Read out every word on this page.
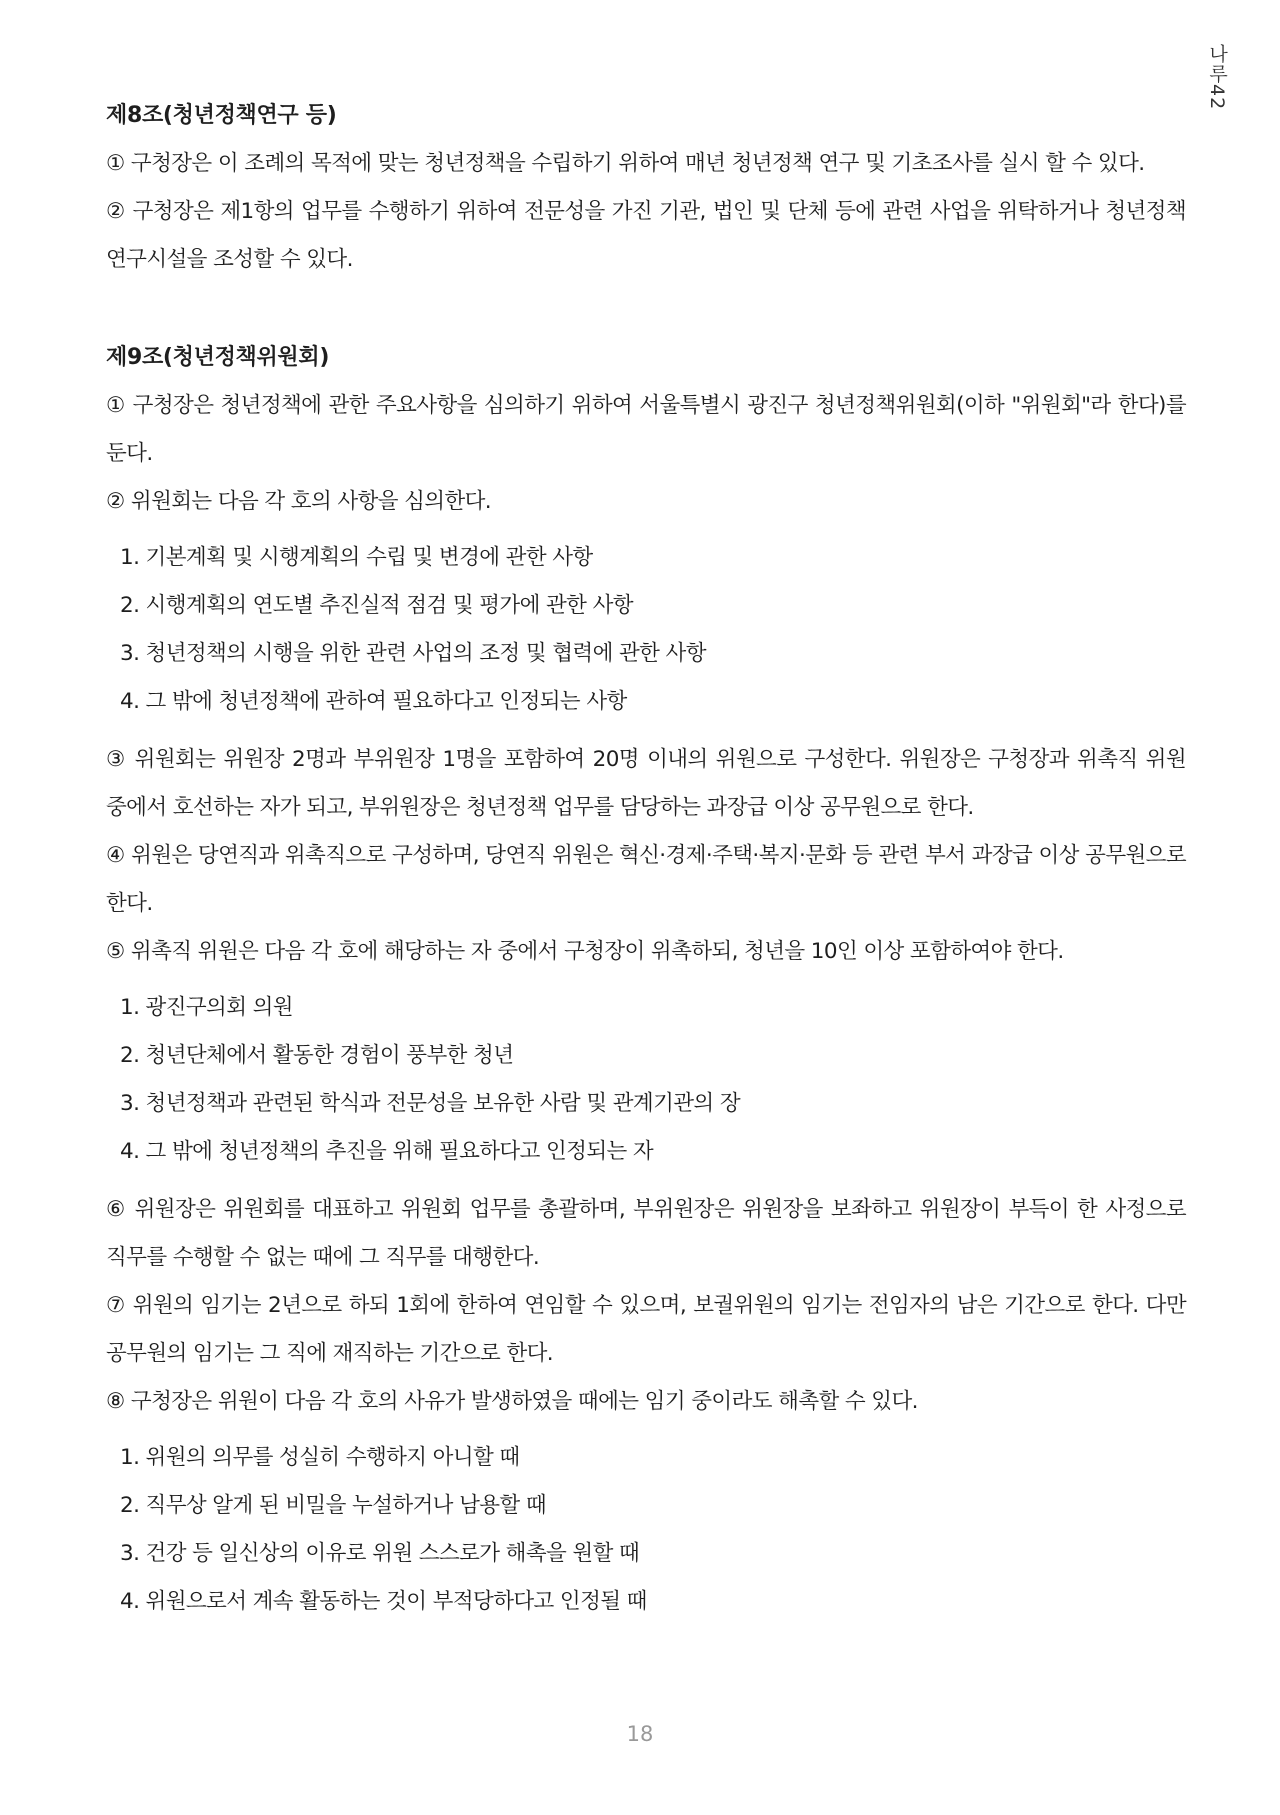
나루42
제8조(청년정책연구 등)

① 구청장은 이 조례의 목적에 맞는 청년정책을 수립하기 위하여 매년 청년정책 연구 및 기초조사를 실시 할 수 있다.

② 구청장은 제1항의 업무를 수행하기 위하여 전문성을 가진 기관, 법인 및 단체 등에 관련 사업을 위탁하거나 청년정책 연구시설을 조성할 수 있다.

제9조(청년정책위원회)

① 구청장은 청년정책에 관한 주요사항을 심의하기 위하여 서울특별시 광진구 청년정책위원회(이하 "위원회"라 한다)를 둔다.

② 위원회는 다음 각 호의 사항을 심의한다.

1. 기본계획 및 시행계획의 수립 및 변경에 관한 사항
2. 시행계획의 연도별 추진실적 점검 및 평가에 관한 사항
3. 청년정책의 시행을 위한 관련 사업의 조정 및 협력에 관한 사항
4. 그 밖에 청년정책에 관하여 필요하다고 인정되는 사항

③ 위원회는 위원장 2명과 부위원장 1명을 포함하여 20명 이내의 위원으로 구성한다. 위원장은 구청장과 위촉직 위원 중에서 호선하는 자가 되고, 부위원장은 청년정책 업무를 담당하는 과장급 이상 공무원으로 한다.

④ 위원은 당연직과 위촉직으로 구성하며, 당연직 위원은 혁신·경제·주택·복지·문화 등 관련 부서 과장급 이상 공무원으로 한다.

⑤ 위촉직 위원은 다음 각 호에 해당하는 자 중에서 구청장이 위촉하되, 청년을 10인 이상 포함하여야 한다.

1. 광진구의회 의원
2. 청년단체에서 활동한 경험이 풍부한 청년
3. 청년정책과 관련된 학식과 전문성을 보유한 사람 및 관계기관의 장
4. 그 밖에 청년정책의 추진을 위해 필요하다고 인정되는 자

⑥ 위원장은 위원회를 대표하고 위원회 업무를 총괄하며, 부위원장은 위원장을 보좌하고 위원장이 부득이 한 사정으로 직무를 수행할 수 없는 때에 그 직무를 대행한다.

⑦ 위원의 임기는 2년으로 하되 1회에 한하여 연임할 수 있으며, 보궐위원의 임기는 전임자의 남은 기간으로 한다. 다만 공무원의 임기는 그 직에 재직하는 기간으로 한다.

⑧ 구청장은 위원이 다음 각 호의 사유가 발생하였을 때에는 임기 중이라도 해촉할 수 있다.

1. 위원의 의무를 성실히 수행하지 아니할 때
2. 직무상 알게 된 비밀을 누설하거나 남용할 때
3. 건강 등 일신상의 이유로 위원 스스로가 해촉을 원할 때
4. 위원으로서 계속 활동하는 것이 부적당하다고 인정될 때
18
